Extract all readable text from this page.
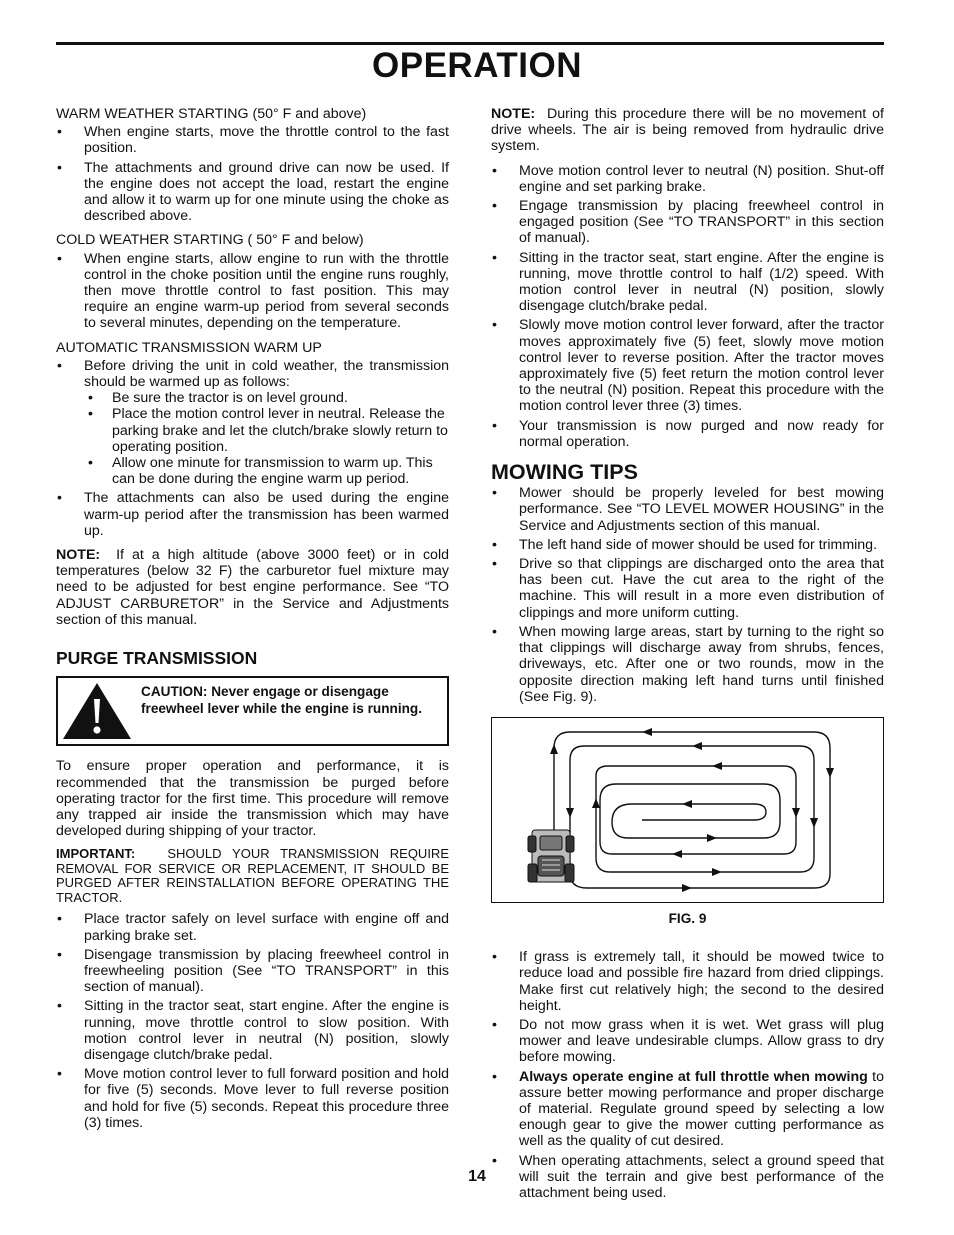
OPERATION

WARM WEATHER STARTING (50° F and above)

• When engine starts, move the throttle control to the fast position.
• The attachments and ground drive can now be used. If the engine does not accept the load, restart the engine and allow it to warm up for one minute using the choke as described above.

COLD WEATHER STARTING ( 50° F and below)

• When engine starts, allow engine to run with the throttle control in the choke position until the engine runs roughly, then move throttle control to fast position. This may require an engine warm-up period from several seconds to several minutes, depending on the temperature.

AUTOMATIC TRANSMISSION WARM UP

• Before driving the unit in cold weather, the transmission should be warmed up as follows:
• Be sure the tractor is on level ground.
• Place the motion control lever in neutral. Release the parking brake and let the clutch/brake slowly return to operating position.
• Allow one minute for transmission to warm up. This can be done during the engine warm up period.
• The attachments can also be used during the engine warm-up period after the transmission has been warmed up.

NOTE: If at a high altitude (above 3000 feet) or in cold temperatures (below 32 F) the carburetor fuel mixture may need to be adjusted for best engine performance. See “TO ADJUST CARBURETOR” in the Service and Adjustments section of this manual.

PURGE TRANSMISSION
CAUTION: Never engage or disengage freewheel lever while the engine is running.

To ensure proper operation and performance, it is recommended that the transmission be purged before operating tractor for the first time. This procedure will remove any trapped air inside the transmission which may have developed during shipping of your tractor.

IMPORTANT: SHOULD YOUR TRANSMISSION REQUIRE REMOVAL FOR SERVICE OR REPLACEMENT, IT SHOULD BE PURGED AFTER REINSTALLATION BEFORE OPERATING THE TRACTOR.

• Place tractor safely on level surface with engine off and parking brake set.
• Disengage transmission by placing freewheel control in freewheeling position (See “TO TRANSPORT” in this section of manual).
• Sitting in the tractor seat, start engine. After the engine is running, move throttle control to slow position. With motion control lever in neutral (N) position, slowly disengage clutch/brake pedal.
• Move motion control lever to full forward position and hold for five (5) seconds. Move lever to full reverse position and hold for five (5) seconds. Repeat this procedure three (3) times.

NOTE: During this procedure there will be no movement of drive wheels. The air is being removed from hydraulic drive system.

• Move motion control lever to neutral (N) position. Shut-off engine and set parking brake.
• Engage transmission by placing freewheel control in engaged position (See “TO TRANSPORT” in this section of manual).
• Sitting in the tractor seat, start engine. After the engine is running, move throttle control to half (1/2) speed. With motion control lever in neutral (N) position, slowly disengage clutch/brake pedal.
• Slowly move motion control lever forward, after the tractor moves approximately five (5) feet, slowly move motion control lever to reverse position. After the tractor moves approximately five (5) feet return the motion control lever to the neutral (N) position. Repeat this procedure with the motion control lever three (3) times.
• Your transmission is now purged and now ready for normal operation.
MOWING TIPS
• Mower should be properly leveled for best mowing performance. See “TO LEVEL MOWER HOUSING” in the Service and Adjustments section of this manual.
• The left hand side of mower should be used for trimming.
• Drive so that clippings are discharged onto the area that has been cut. Have the cut area to the right of the machine. This will result in a more even distribution of clippings and more uniform cutting.
• When mowing large areas, start by turning to the right so that clippings will discharge away from shrubs, fences, driveways, etc. After one or two rounds, mow in the opposite direction making left hand turns until finished (See Fig. 9).
FIG. 9
• If grass is extremely tall, it should be mowed twice to reduce load and possible fire hazard from dried clippings. Make first cut relatively high; the second to the desired height.
• Do not mow grass when it is wet. Wet grass will plug mower and leave undesirable clumps. Allow grass to dry before mowing.
• Always operate engine at full throttle when mowing to assure better mowing performance and proper discharge of material. Regulate ground speed by selecting a low enough gear to give the mower cutting performance as well as the quality of cut desired.
• When operating attachments, select a ground speed that will suit the terrain and give best performance of the attachment being used.
14
